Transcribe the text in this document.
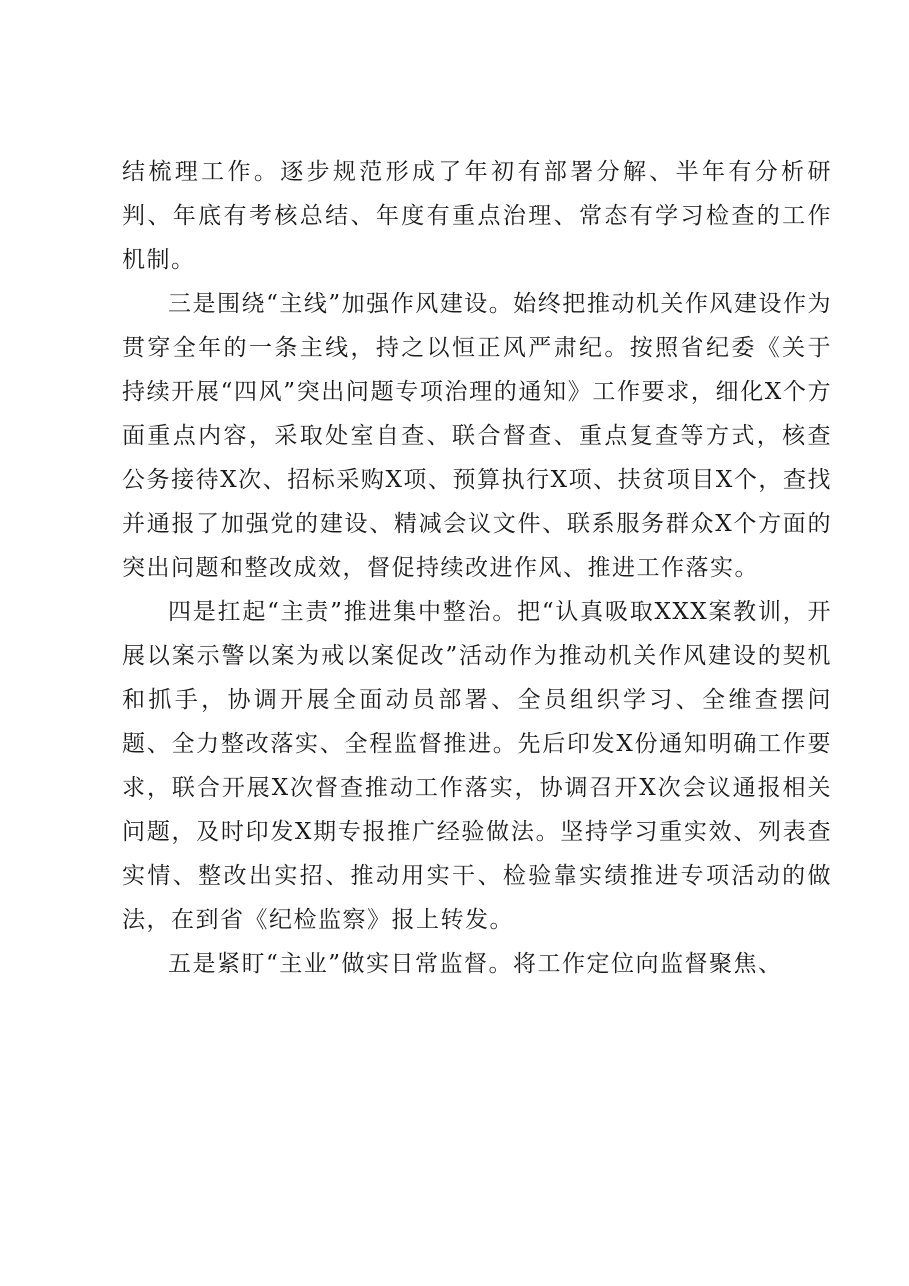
结梳理工作。逐步规范形成了年初有部署分解、半年有分析研判、年底有考核总结、年度有重点治理、常态有学习检查的工作机制。

三是围绕“主线”加强作风建设。始终把推动机关作风建设作为贯穿全年的一条主线，持之以恒正风严肃纪。按照省纪委《关于持续开展“四风”突出问题专项治理的通知》工作要求，细化X个方面重点内容，采取处室自查、联合督查、重点复查等方式，核查公务接待X次、招标采购X项、预算执行X项、扶贫项目X个，查找并通报了加强党的建设、精减会议文件、联系服务群众X个方面的突出问题和整改成效，督促持续改进作风、推进工作落实。

四是扛起“主责”推进集中整治。把“认真吸取XXX案教训，开展以案示警以案为戒以案促改”活动作为推动机关作风建设的契机和抓手，协调开展全面动员部署、全员组织学习、全维查摆问题、全力整改落实、全程监督推进。先后印发X份通知明确工作要求，联合开展X次督查推动工作落实，协调召开X次会议通报相关问题，及时印发X期专报推广经验做法。坚持学习重实效、列表查实情、整改出实招、推动用实干、检验靠实绩推进专项活动的做法，在到省《纪检监察》报上转发。

五是紧盯“主业”做实日常监督。将工作定位向监督聚焦、
